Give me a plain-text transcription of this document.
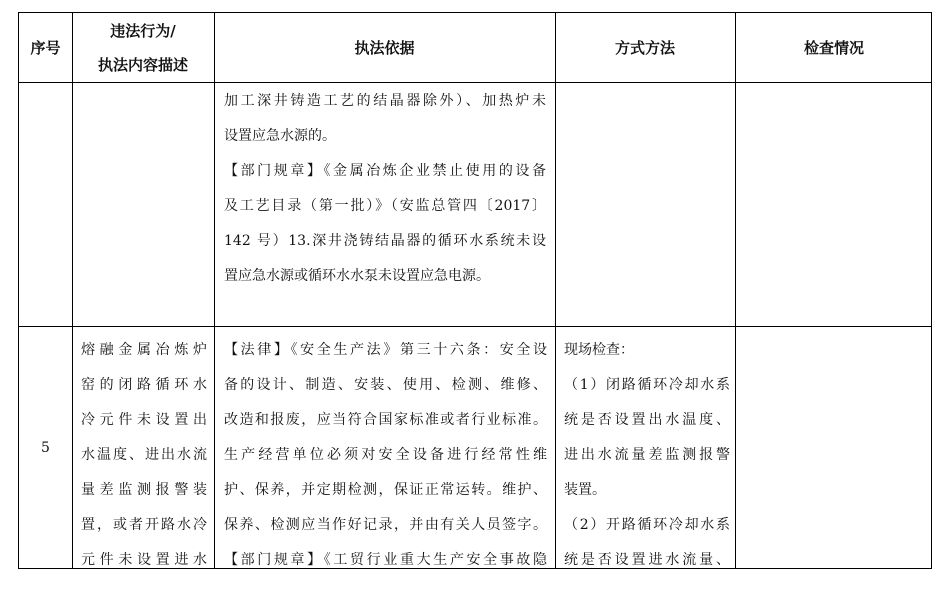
序号
违法行为/
执法内容描述
执法依据	方式方法	检查情况

加工深井铸造工艺的结晶器除外）、加热炉未

设置应急水源的。

【部门规章】《金属冶炼企业禁止使用的设备

及工艺目录（第一批）》（安监总管四〔2017〕

142 号）13.深井浇铸结晶器的循环水系统未设

置应急水源或循环水水泵未设置应急电源。

5

熔融金属冶炼炉

窑的闭路循环水

冷元件未设置出

水温度、进出水流

量差监测报警装

置，或者开路水冷

元件未设置进水

【法律】《安全生产法》第三十六条：安全设

备的设计、制造、安装、使用、检测、维修、

改造和报废，应当符合国家标准或者行业标准。

生产经营单位必须对安全设备进行经常性维

护、保养，并定期检测，保证正常运转。维护、

保养、检测应当作好记录，并由有关人员签字。

【部门规章】《工贸行业重大生产安全事故隐

现场检查：

（1）闭路循环冷却水系

统是否设置出水温度、

进出水流量差监测报警

装置。

（2）开路循环冷却水系

统是否设置进水流量、
